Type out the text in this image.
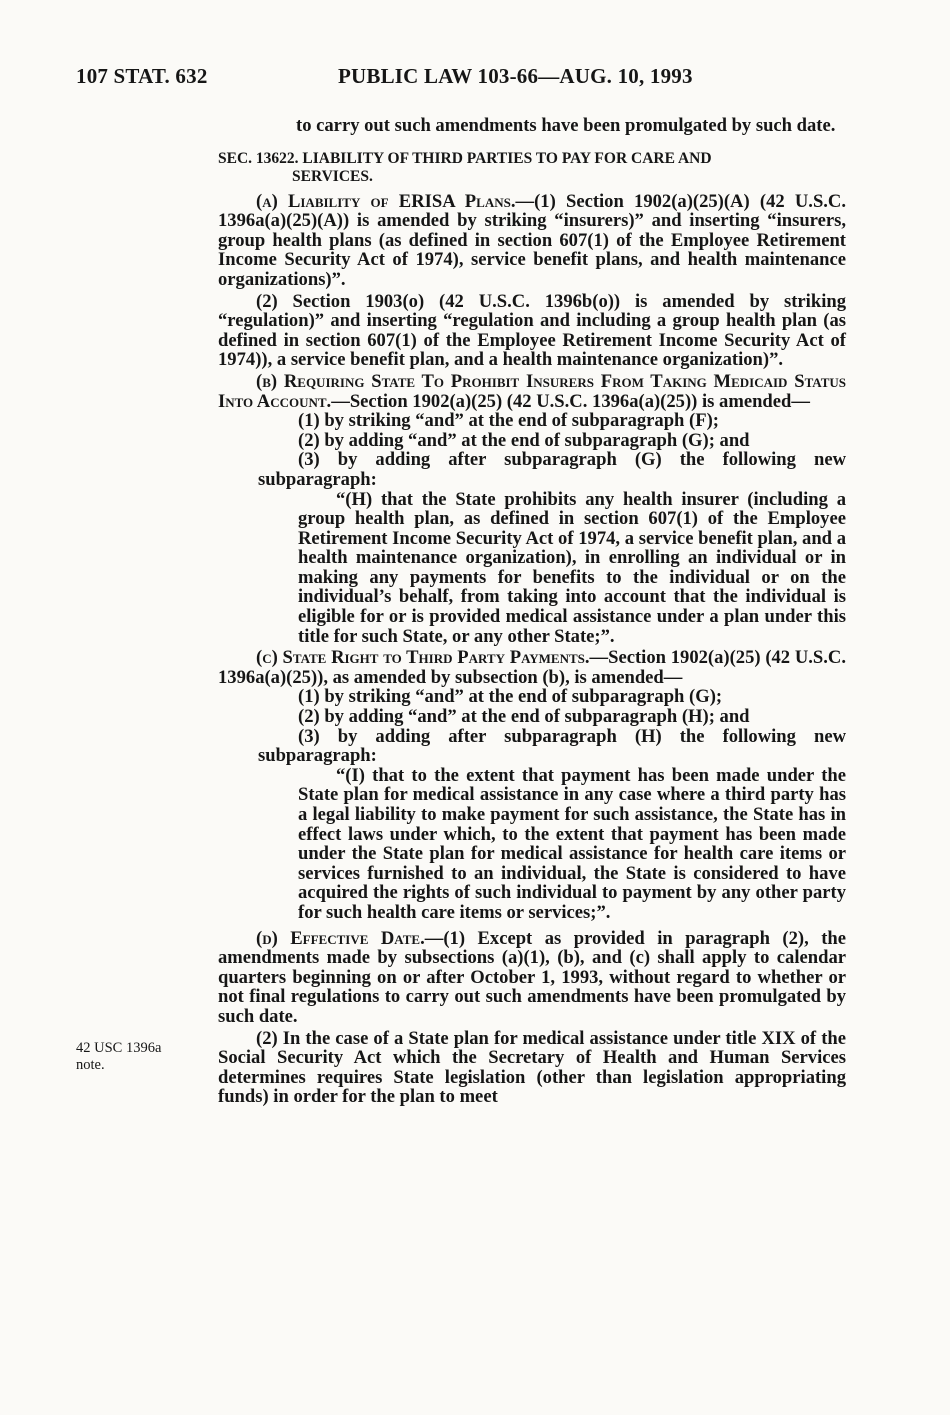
107 STAT. 632	PUBLIC LAW 103-66—AUG. 10, 1993
42 USC 1396a
note.

to carry out such amendments have been promulgated by such date.

SEC. 13622. LIABILITY OF THIRD PARTIES TO PAY FOR CARE AND
SERVICES.

(a) Liability of ERISA Plans.—(1) Section 1902(a)(25)(A) (42 U.S.C. 1396a(a)(25)(A)) is amended by striking “insurers)” and inserting “insurers, group health plans (as defined in section 607(1) of the Employee Retirement Income Security Act of 1974), service benefit plans, and health maintenance organizations)”.

(2) Section 1903(o) (42 U.S.C. 1396b(o)) is amended by striking “regulation)” and inserting “regulation and including a group health plan (as defined in section 607(1) of the Employee Retirement Income Security Act of 1974)), a service benefit plan, and a health maintenance organization)”.

(b) Requiring State To Prohibit Insurers From Taking Medicaid Status Into Account.—Section 1902(a)(25) (42 U.S.C. 1396a(a)(25)) is amended—

(1) by striking “and” at the end of subparagraph (F);

(2) by adding “and” at the end of subparagraph (G); and

(3) by adding after subparagraph (G) the following new subparagraph:

“(H) that the State prohibits any health insurer (including a group health plan, as defined in section 607(1) of the Employee Retirement Income Security Act of 1974, a service benefit plan, and a health maintenance organization), in enrolling an individual or in making any payments for benefits to the individual or on the individual’s behalf, from taking into account that the individual is eligible for or is provided medical assistance under a plan under this title for such State, or any other State;”.

(c) State Right to Third Party Payments.—Section 1902(a)(25) (42 U.S.C. 1396a(a)(25)), as amended by subsection (b), is amended—

(1) by striking “and” at the end of subparagraph (G);

(2) by adding “and” at the end of subparagraph (H); and

(3) by adding after subparagraph (H) the following new subparagraph:

“(I) that to the extent that payment has been made under the State plan for medical assistance in any case where a third party has a legal liability to make payment for such assistance, the State has in effect laws under which, to the extent that payment has been made under the State plan for medical assistance for health care items or services furnished to an individual, the State is considered to have acquired the rights of such individual to payment by any other party for such health care items or services;”.

(d) Effective Date.—(1) Except as provided in paragraph (2), the amendments made by subsections (a)(1), (b), and (c) shall apply to calendar quarters beginning on or after October 1, 1993, without regard to whether or not final regulations to carry out such amendments have been promulgated by such date.

(2) In the case of a State plan for medical assistance under title XIX of the Social Security Act which the Secretary of Health and Human Services determines requires State legislation (other than legislation appropriating funds) in order for the plan to meet
